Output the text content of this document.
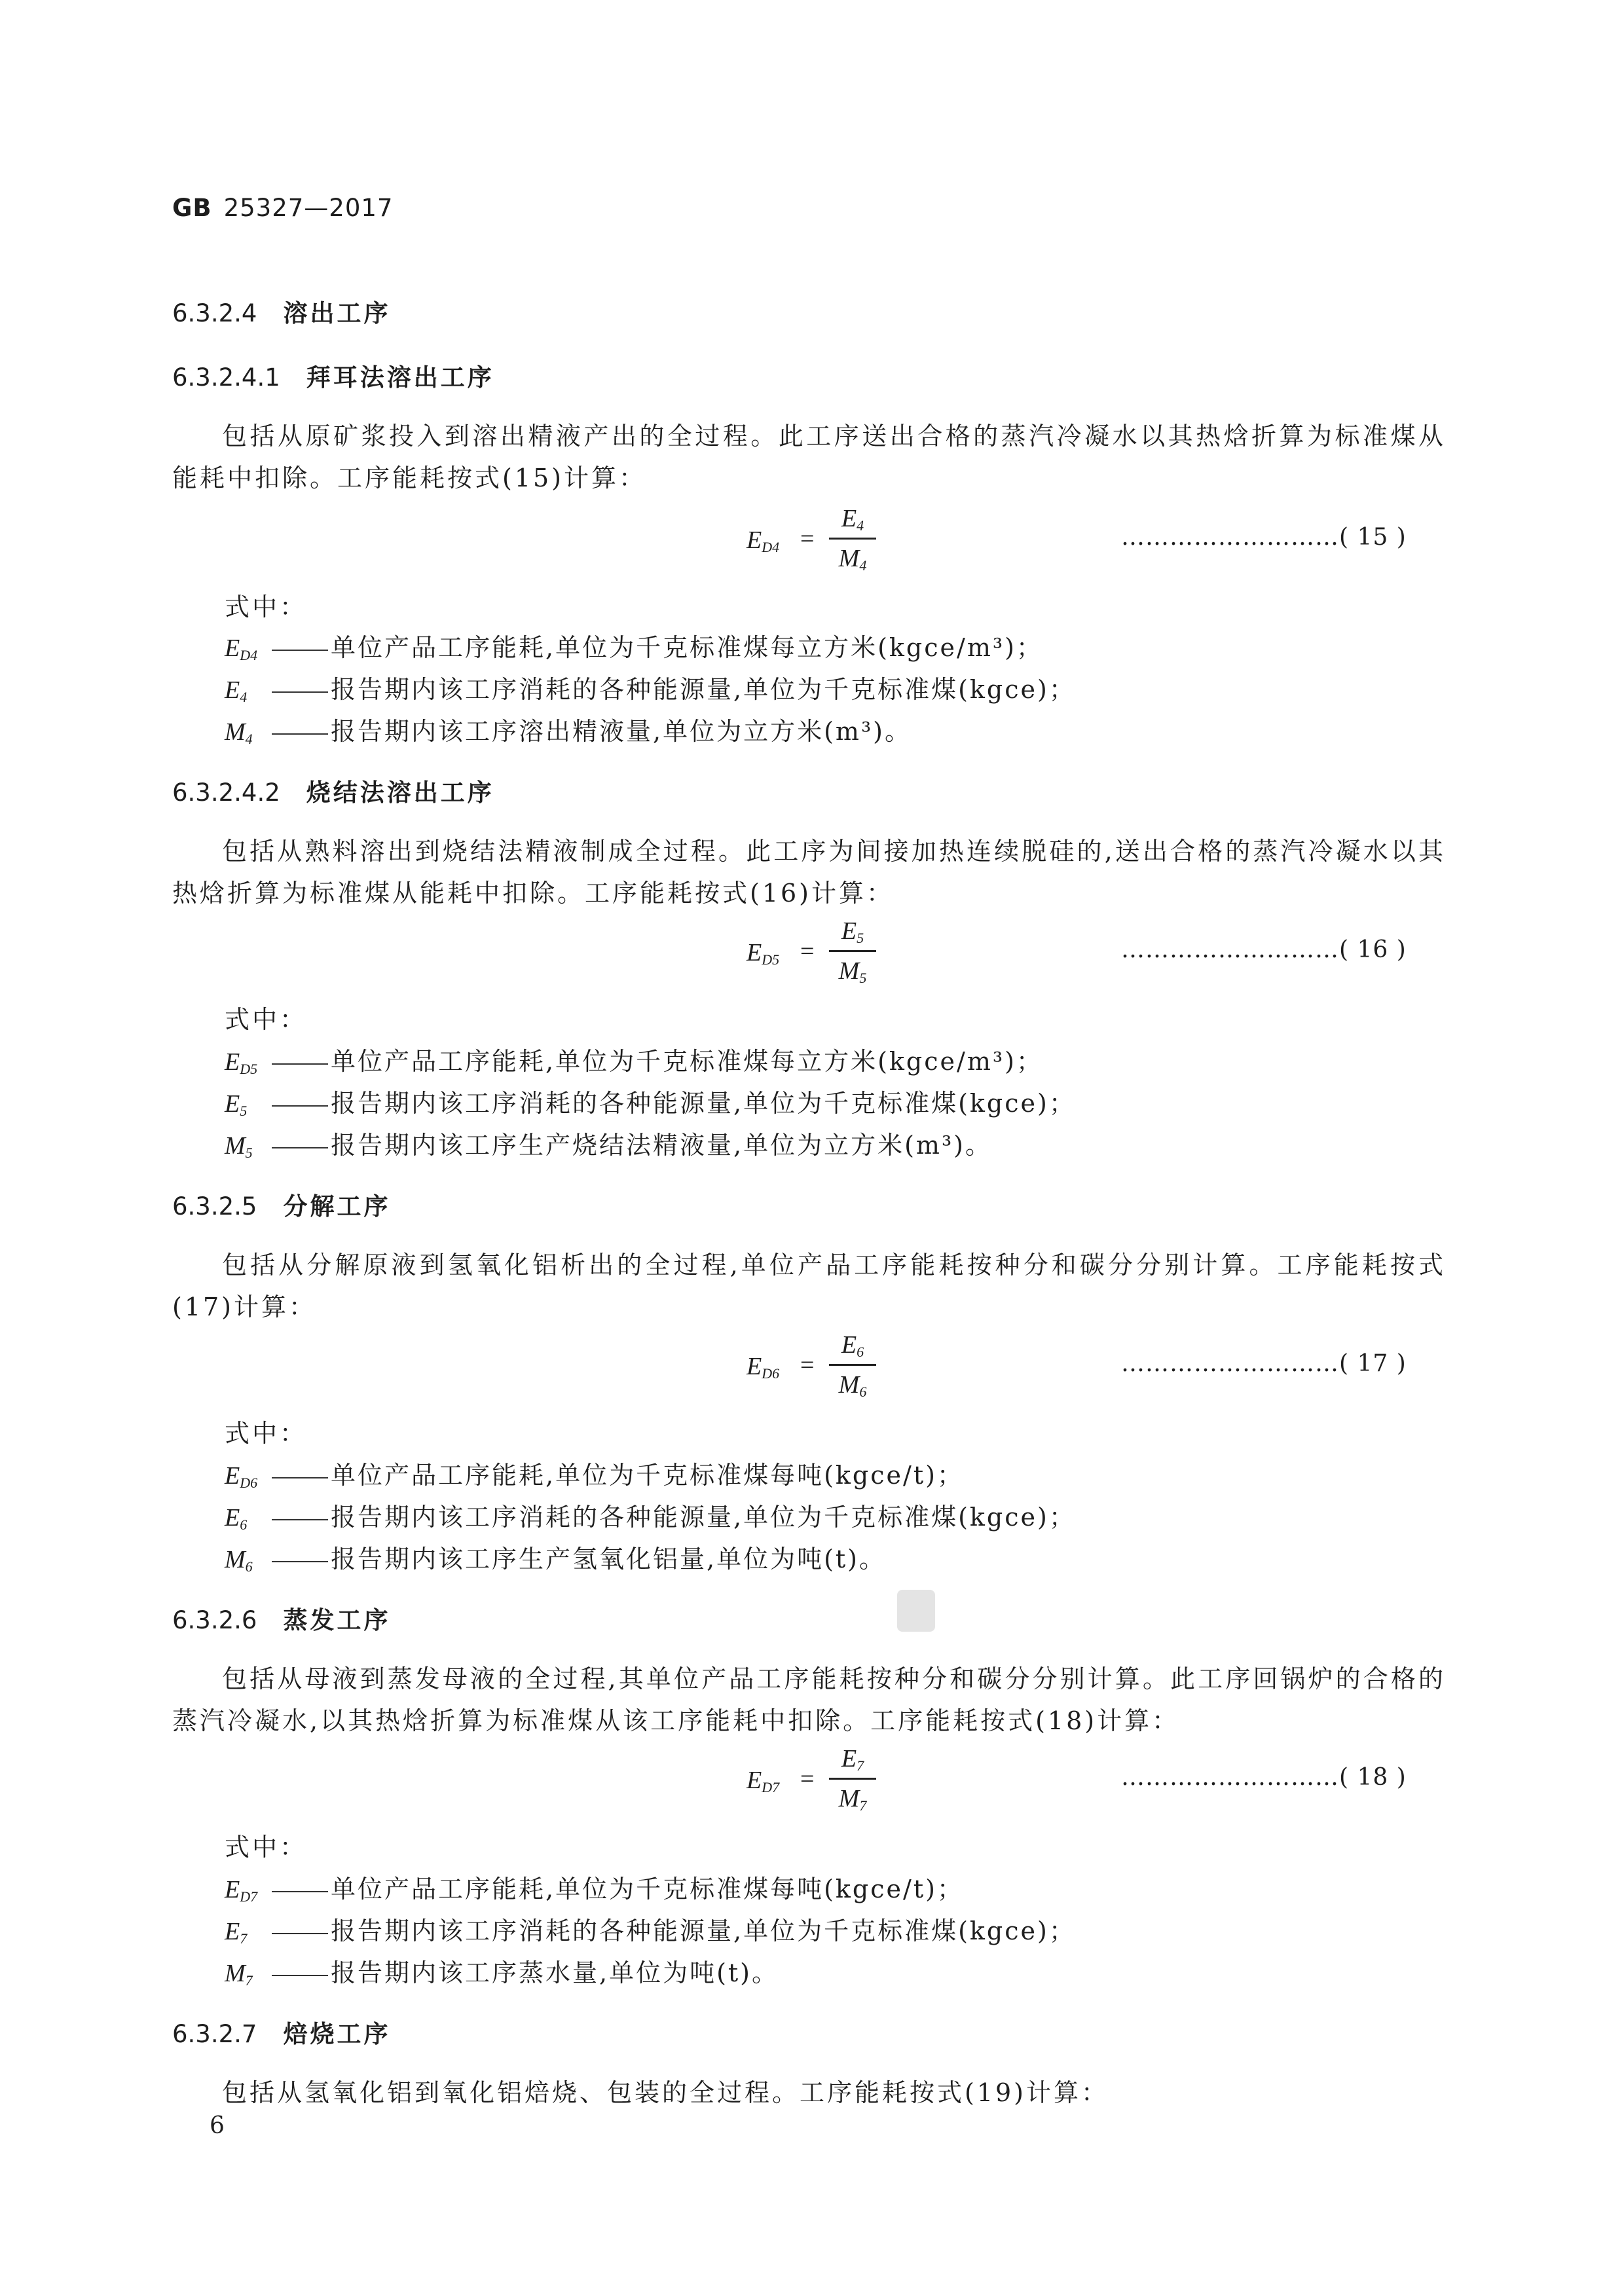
GB 25327—2017
6.3.2.4 溶出工序
6.3.2.4.1 拜耳法溶出工序
包括从原矿浆投入到溶出精液产出的全过程。此工序送出合格的蒸汽冷凝水以其热焓折算为标准煤从能耗中扣除。工序能耗按式(15)计算：
$E_{D4}$ =
$E_4$
$M_4$
………………………( 15 )
式中：
$E_{D4}$	单位产品工序能耗,单位为千克标准煤每立方米(kgce/m³)；
$E_4$	报告期内该工序消耗的各种能源量,单位为千克标准煤(kgce)；
$M_4$	报告期内该工序溶出精液量,单位为立方米(m³)。
6.3.2.4.2 烧结法溶出工序
包括从熟料溶出到烧结法精液制成全过程。此工序为间接加热连续脱硅的,送出合格的蒸汽冷凝水以其热焓折算为标准煤从能耗中扣除。工序能耗按式(16)计算：
$E_{D5}$ =
$E_5$
$M_5$
………………………( 16 )
式中：
$E_{D5}$	单位产品工序能耗,单位为千克标准煤每立方米(kgce/m³)；
$E_5$	报告期内该工序消耗的各种能源量,单位为千克标准煤(kgce)；
$M_5$	报告期内该工序生产烧结法精液量,单位为立方米(m³)。
6.3.2.5 分解工序
包括从分解原液到氢氧化铝析出的全过程,单位产品工序能耗按种分和碳分分别计算。工序能耗按式(17)计算：
$E_{D6}$ =
$E_6$
$M_6$
………………………( 17 )
式中：
$E_{D6}$	单位产品工序能耗,单位为千克标准煤每吨(kgce/t)；
$E_6$	报告期内该工序消耗的各种能源量,单位为千克标准煤(kgce)；
$M_6$	报告期内该工序生产氢氧化铝量,单位为吨(t)。
6.3.2.6 蒸发工序
包括从母液到蒸发母液的全过程,其单位产品工序能耗按种分和碳分分别计算。此工序回锅炉的合格的蒸汽冷凝水,以其热焓折算为标准煤从该工序能耗中扣除。工序能耗按式(18)计算：
$E_{D7}$ =
$E_7$
$M_7$
………………………( 18 )
式中：
$E_{D7}$	单位产品工序能耗,单位为千克标准煤每吨(kgce/t)；
$E_7$	报告期内该工序消耗的各种能源量,单位为千克标准煤(kgce)；
$M_7$	报告期内该工序蒸水量,单位为吨(t)。
6.3.2.7 焙烧工序
包括从氢氧化铝到氧化铝焙烧、包装的全过程。工序能耗按式(19)计算：
6
